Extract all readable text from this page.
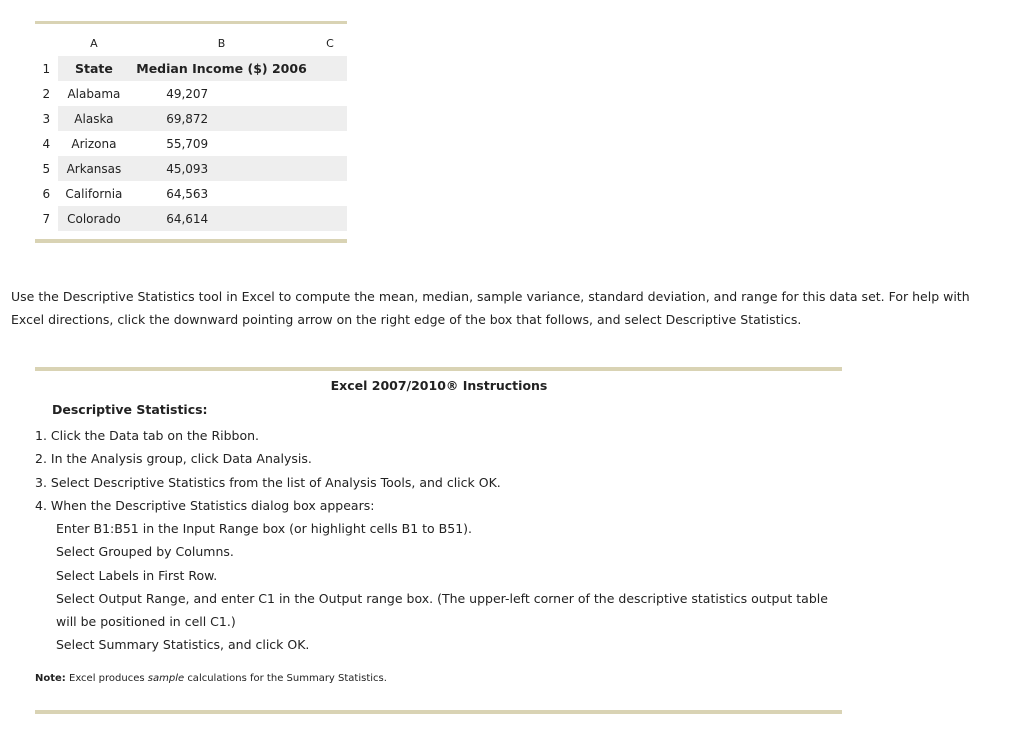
	A	B	C
1	State	Median Income ($) 2006	
2	Alabama	49,207	
3	Alaska	69,872	
4	Arizona	55,709	
5	Arkansas	45,093	
6	California	64,563	
7	Colorado	64,614	

Use the Descriptive Statistics tool in Excel to compute the mean, median, sample variance, standard deviation, and range for this data set. For help with Excel directions, click the downward pointing arrow on the right edge of the box that follows, and select Descriptive Statistics.

Excel 2007/2010® Instructions

Descriptive Statistics:

1. Click the Data tab on the Ribbon.
2. In the Analysis group, click Data Analysis.
3. Select Descriptive Statistics from the list of Analysis Tools, and click OK.
4. When the Descriptive Statistics dialog box appears:
Enter B1:B51 in the Input Range box (or highlight cells B1 to B51).
Select Grouped by Columns.
Select Labels in First Row.
Select Output Range, and enter C1 in the Output range box. (The upper-left corner of the descriptive statistics output table will be positioned in cell C1.)
Select Summary Statistics, and click OK.

Note: Excel produces sample calculations for the Summary Statistics.
